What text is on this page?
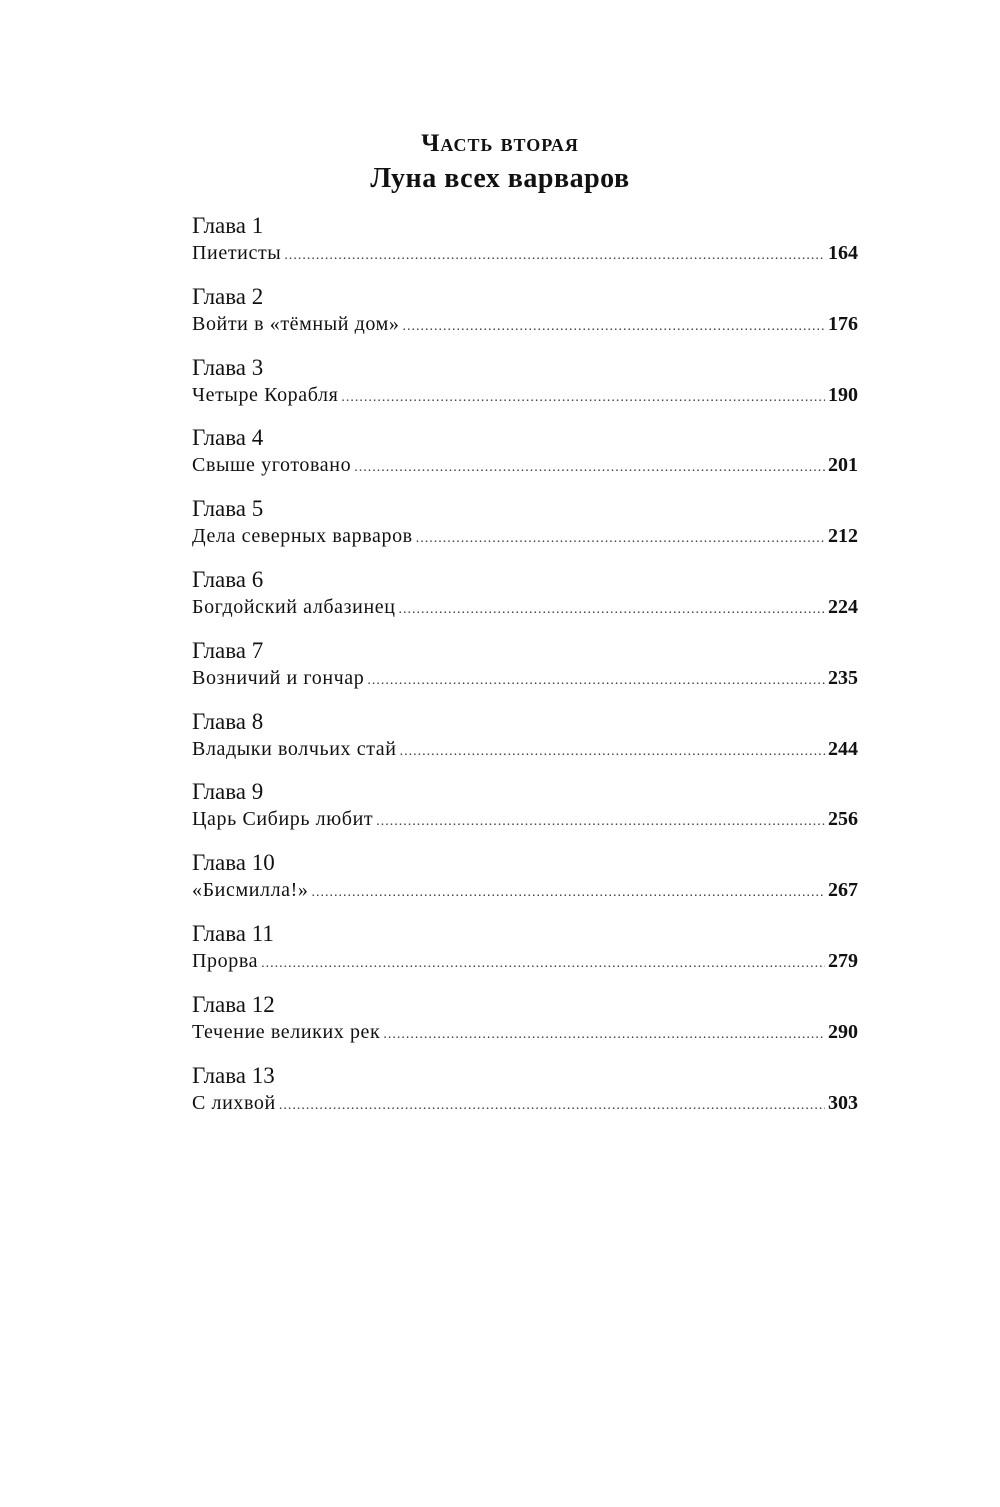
Часть вторая
Луна всех варваров
Глава 1
Пиетисты .....	164
Глава 2
Войти в «тёмный дом» .....	176
Глава 3
Четыре Корабля .....	190
Глава 4
Свыше уготовано .....	201
Глава 5
Дела северных варваров .....	212
Глава 6
Богдойский албазинец .....	224
Глава 7
Возничий и гончар .....	235
Глава 8
Владыки волчьих стай .....	244
Глава 9
Царь Сибирь любит .....	256
Глава 10
«Бисмилла!» .....	267
Глава 11
Прорва .....	279
Глава 12
Течение великих рек .....	290
Глава 13
С лихвой .....	303
